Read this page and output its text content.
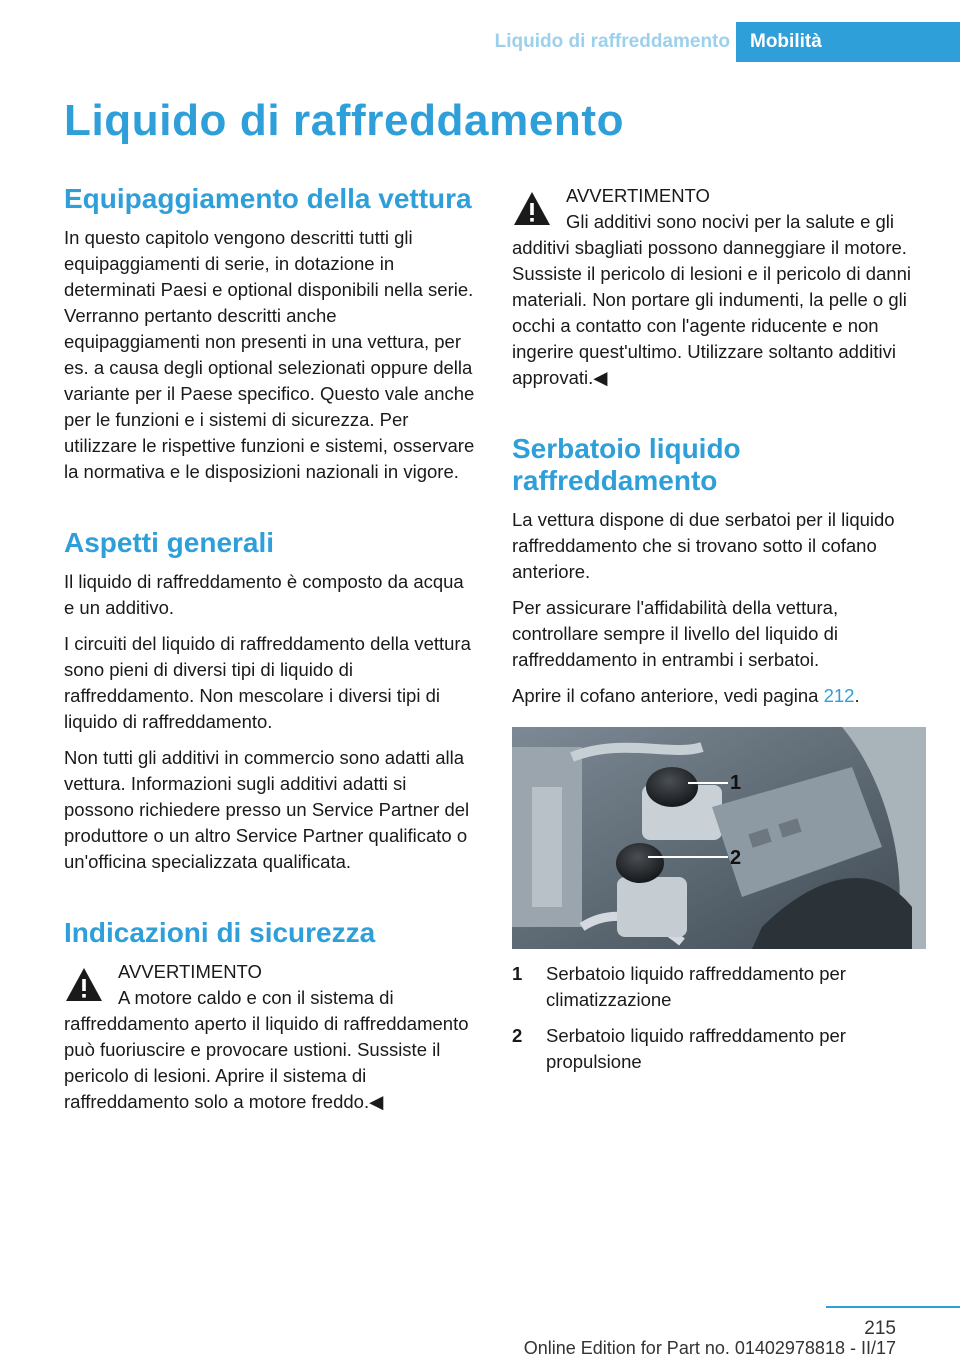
Liquido di raffreddamento	Mobilità
Liquido di raffreddamento
Equipaggiamento della vettura

In questo capitolo vengono descritti tutti gli equipaggiamenti di serie, in dotazione in determinati Paesi e optional disponibili nella serie. Verranno pertanto descritti anche equipaggiamenti non presenti in una vettura, per es. a causa degli optional selezionati oppure della variante per il Paese specifico. Questo vale anche per le funzioni e i sistemi di sicurezza. Per utilizzare le rispettive funzioni e sistemi, osservare la normativa e le disposizioni nazionali in vigore.

Aspetti generali

Il liquido di raffreddamento è composto da acqua e un additivo.

I circuiti del liquido di raffreddamento della vettura sono pieni di diversi tipi di liquido di raffreddamento. Non mescolare i diversi tipi di liquido di raffreddamento.

Non tutti gli additivi in commercio sono adatti alla vettura. Informazioni sugli additivi adatti si possono richiedere presso un Service Partner del produttore o un altro Service Partner qualificato o un'officina specializzata qualificata.

Indicazioni di sicurezza
AVVERTIMENTO

A motore caldo e con il sistema di raffreddamento aperto il liquido di raffreddamento può fuoriuscire e provocare ustioni. Sussiste il pericolo di lesioni. Aprire il sistema di raffreddamento solo a motore freddo.◀

AVVERTIMENTO

Gli additivi sono nocivi per la salute e gli additivi sbagliati possono danneggiare il motore. Sussiste il pericolo di lesioni e il pericolo di danni materiali. Non portare gli indumenti, la pelle o gli occhi a contatto con l'agente riducente e non ingerire quest'ultimo. Utilizzare soltanto additivi approvati.◀

Serbatoio liquido raffreddamento

La vettura dispone di due serbatoi per il liquido raffreddamento che si trovano sotto il cofano anteriore.

Per assicurare l'affidabilità della vettura, controllare sempre il livello del liquido di raffreddamento in entrambi i serbatoi.

Aprire il cofano anteriore, vedi pagina 212.

1
2
1	Serbatoio liquido raffreddamento per climatizzazione
2	Serbatoio liquido raffreddamento per propulsione
215
Online Edition for Part no. 01402978818 - II/17
